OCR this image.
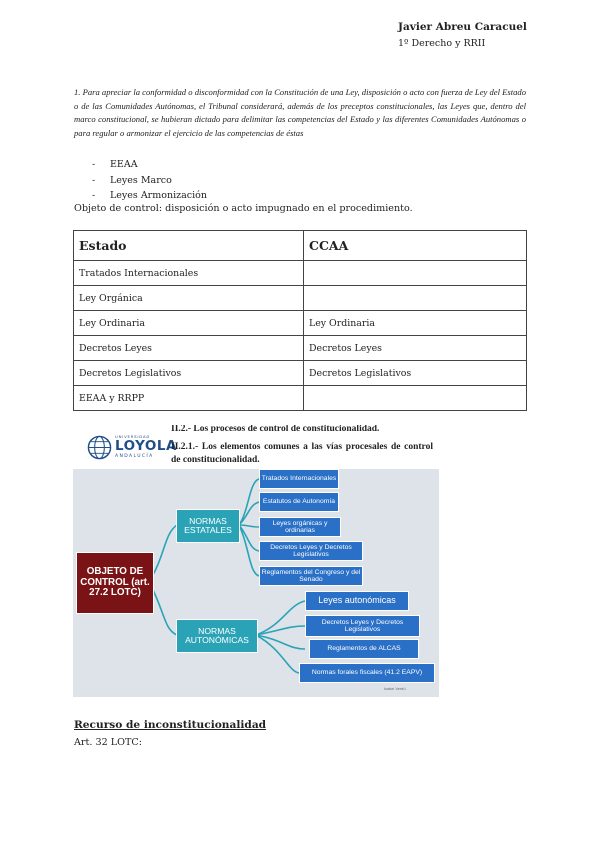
Javier Abreu Caracuel
1º Derecho y RRII
1. Para apreciar la conformidad o disconformidad con la Constitución de una Ley, disposición o acto con fuerza de Ley del Estado o de las Comunidades Autónomas, el Tribunal considerará, además de los preceptos constitucionales, las Leyes que, dentro del marco constitucional, se hubieran dictado para delimitar las competencias del Estado y las diferentes Comunidades Autónomas o para regular o armonizar el ejercicio de las competencias de éstas
-	EEAA
-	Leyes Marco
-	Leyes Armonización
Objeto de control: disposición o acto impugnado en el procedimiento.
Estado	CCAA
Tratados Internacionales	
Ley Orgánica	
Ley Ordinaria	Ley Ordinaria
Decretos Leyes	Decretos Leyes
Decretos Legislativos	Decretos Legislativos
EEAA y RRPP	
UNIVERSIDAD
LOYOLA
ANDALUCÍA
II.2.- Los procesos de control de constitucionalidad.
II.2.1.- Los elementos comunes a las vías procesales de control de constitucionalidad.
OBJETO DE CONTROL (art. 27.2 LOTC)
NORMAS ESTATALES
NORMAS AUTONÓMICAS
Tratados Internacionales
Estatutos de Autonomía
Leyes orgánicas y ordinarias
Decretos Leyes y Decretos Legislativos
Reglamentos del Congreso y del Senado
Leyes autonómicas
Decretos Leyes y Decretos Legislativos
Reglamentos de ALCAS
Normas forales fiscales (41.2 EAPV)
Isabel Verdú
Recurso de inconstitucionalidad
Art. 32 LOTC:
